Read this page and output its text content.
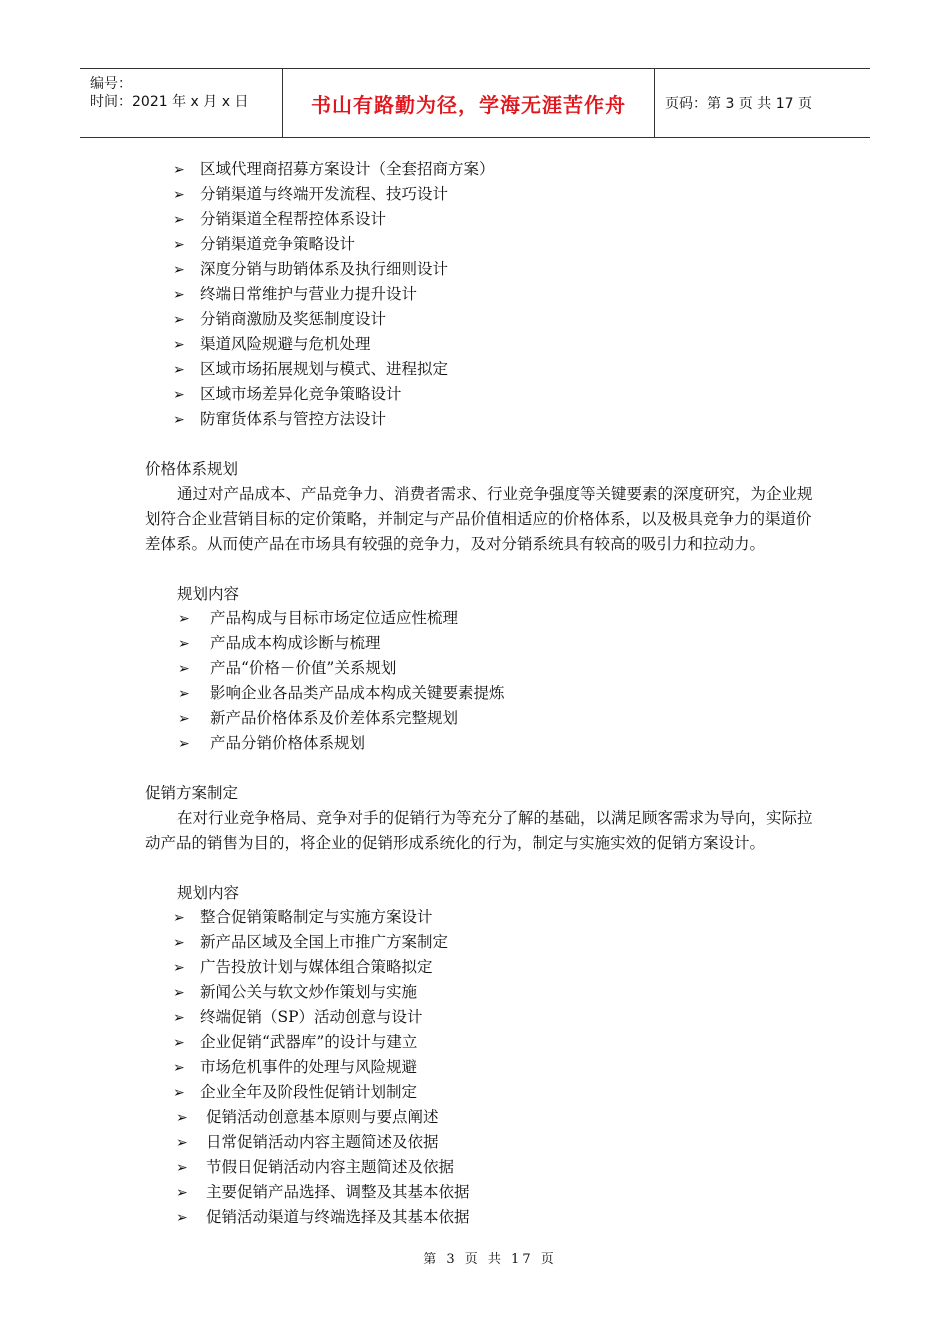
编号：
时间：2021 年 x 月 x 日	书山有路勤为径，学海无涯苦作舟	页码：第 3 页 共 17 页
➢ 区域代理商招募方案设计（全套招商方案）
➢ 分销渠道与终端开发流程、技巧设计
➢ 分销渠道全程帮控体系设计
➢ 分销渠道竞争策略设计
➢ 深度分销与助销体系及执行细则设计
➢ 终端日常维护与营业力提升设计
➢ 分销商激励及奖惩制度设计
➢ 渠道风险规避与危机处理
➢ 区域市场拓展规划与模式、进程拟定
➢ 区域市场差异化竞争策略设计
➢ 防窜货体系与管控方法设计
价格体系规划
通过对产品成本、产品竞争力、消费者需求、行业竞争强度等关键要素的深度研究，为企业规划符合企业营销目标的定价策略，并制定与产品价值相适应的价格体系，以及极具竞争力的渠道价差体系。从而使产品在市场具有较强的竞争力，及对分销系统具有较高的吸引力和拉动力。
规划内容
➢ 产品构成与目标市场定位适应性梳理
➢ 产品成本构成诊断与梳理
➢ 产品“价格－价值”关系规划
➢ 影响企业各品类产品成本构成关键要素提炼
➢ 新产品价格体系及价差体系完整规划
➢ 产品分销价格体系规划
促销方案制定
在对行业竞争格局、竞争对手的促销行为等充分了解的基础，以满足顾客需求为导向，实际拉动产品的销售为目的，将企业的促销形成系统化的行为，制定与实施实效的促销方案设计。
规划内容
➢ 整合促销策略制定与实施方案设计
➢ 新产品区域及全国上市推广方案制定
➢ 广告投放计划与媒体组合策略拟定
➢ 新闻公关与软文炒作策划与实施
➢ 终端促销（SP）活动创意与设计
➢ 企业促销“武器库”的设计与建立
➢ 市场危机事件的处理与风险规避
➢ 企业全年及阶段性促销计划制定
➢ 促销活动创意基本原则与要点阐述
➢ 日常促销活动内容主题简述及依据
➢ 节假日促销活动内容主题简述及依据
➢ 主要促销产品选择、调整及其基本依据
➢ 促销活动渠道与终端选择及其基本依据
第 3 页 共 17 页
